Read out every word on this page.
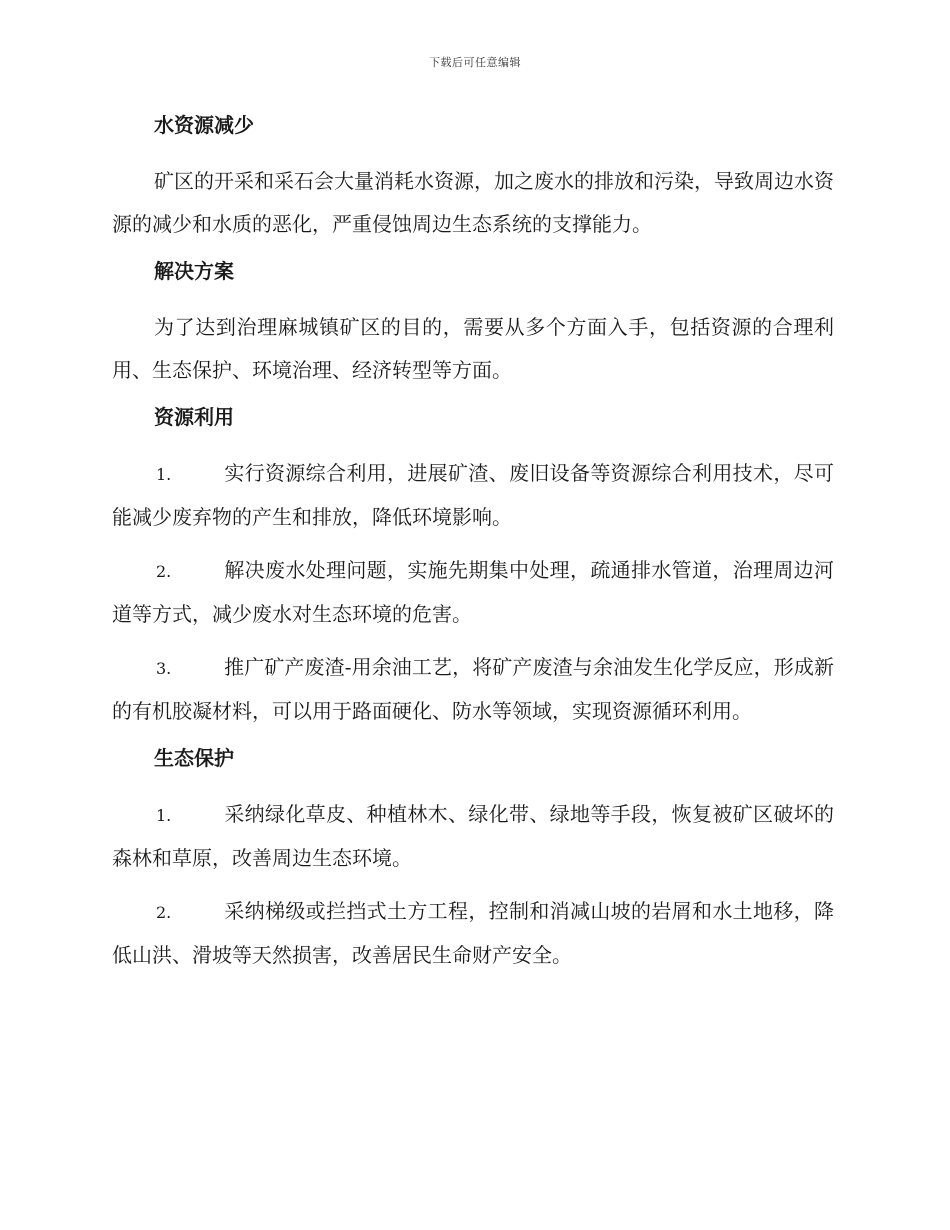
下载后可任意编辑
水资源减少

矿区的开采和采石会大量消耗水资源，加之废水的排放和污染，导致周边水资源的减少和水质的恶化，严重侵蚀周边生态系统的支撑能力。

解决方案

为了达到治理麻城镇矿区的目的，需要从多个方面入手，包括资源的合理利用、生态保护、环境治理、经济转型等方面。

资源利用

1.	实行资源综合利用，进展矿渣、废旧设备等资源综合利用技术，尽可能减少废弃物的产生和排放，降低环境影响。

2.	解决废水处理问题，实施先期集中处理，疏通排水管道，治理周边河道等方式，减少废水对生态环境的危害。

3.	推广矿产废渣-用余油工艺，将矿产废渣与余油发生化学反应，形成新的有机胶凝材料，可以用于路面硬化、防水等领域，实现资源循环利用。

生态保护

1.	采纳绿化草皮、种植林木、绿化带、绿地等手段，恢复被矿区破坏的森林和草原，改善周边生态环境。

2.	采纳梯级或拦挡式土方工程，控制和消减山坡的岩屑和水土地移，降低山洪、滑坡等天然损害，改善居民生命财产安全。
